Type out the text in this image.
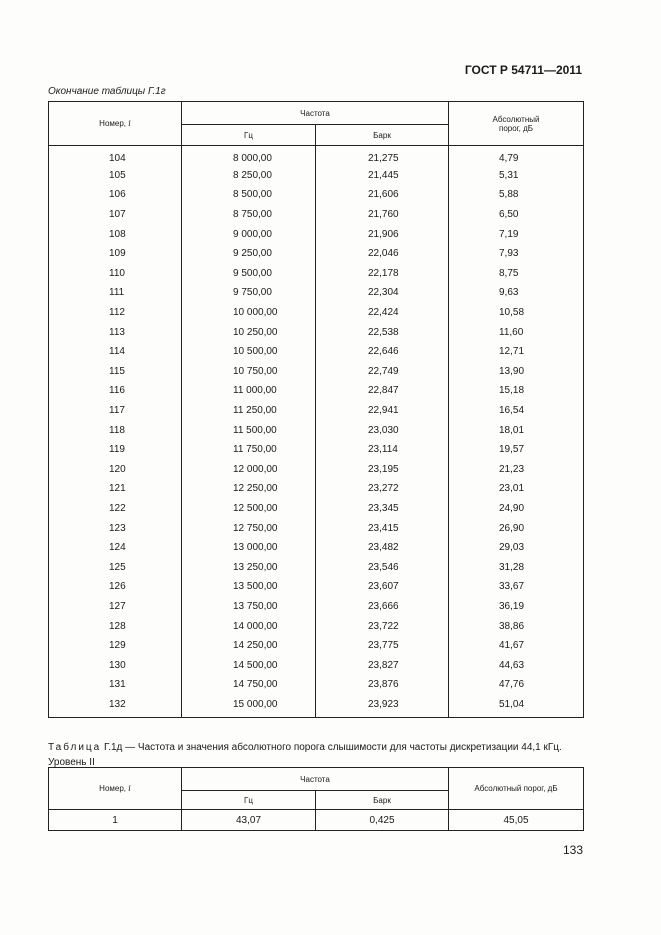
ГОСТ Р 54711—2011
Окончание таблицы Г.1г
Номер, i	Частота		Абсолютный
порог, дБ
	Гц	Барк	
104	8 000,00	21,275	4,79
105	8 250,00	21,445	5,31
106	8 500,00	21,606	5,88
107	8 750,00	21,760	6,50
108	9 000,00	21,906	7,19
109	9 250,00	22,046	7,93
110	9 500,00	22,178	8,75
111	9 750,00	22,304	9,63
112	10 000,00	22,424	10,58
113	10 250,00	22,538	11,60
114	10 500,00	22,646	12,71
115	10 750,00	22,749	13,90
116	11 000,00	22,847	15,18
117	11 250,00	22,941	16,54
118	11 500,00	23,030	18,01
119	11 750,00	23,114	19,57
120	12 000,00	23,195	21,23
121	12 250,00	23,272	23,01
122	12 500,00	23,345	24,90
123	12 750,00	23,415	26,90
124	13 000,00	23,482	29,03
125	13 250,00	23,546	31,28
126	13 500,00	23,607	33,67
127	13 750,00	23,666	36,19
128	14 000,00	23,722	38,86
129	14 250,00	23,775	41,67
130	14 500,00	23,827	44,63
131	14 750,00	23,876	47,76
132	15 000,00	23,923	51,04
Таблица Г.1д — Частота и значения абсолютного порога слышимости для частоты дискретизации 44,1 кГц. Уровень II
Номер, i	Частота		Абсолютный порог, дБ
	Гц	Барк	
1	43,07	0,425	45,05
133
